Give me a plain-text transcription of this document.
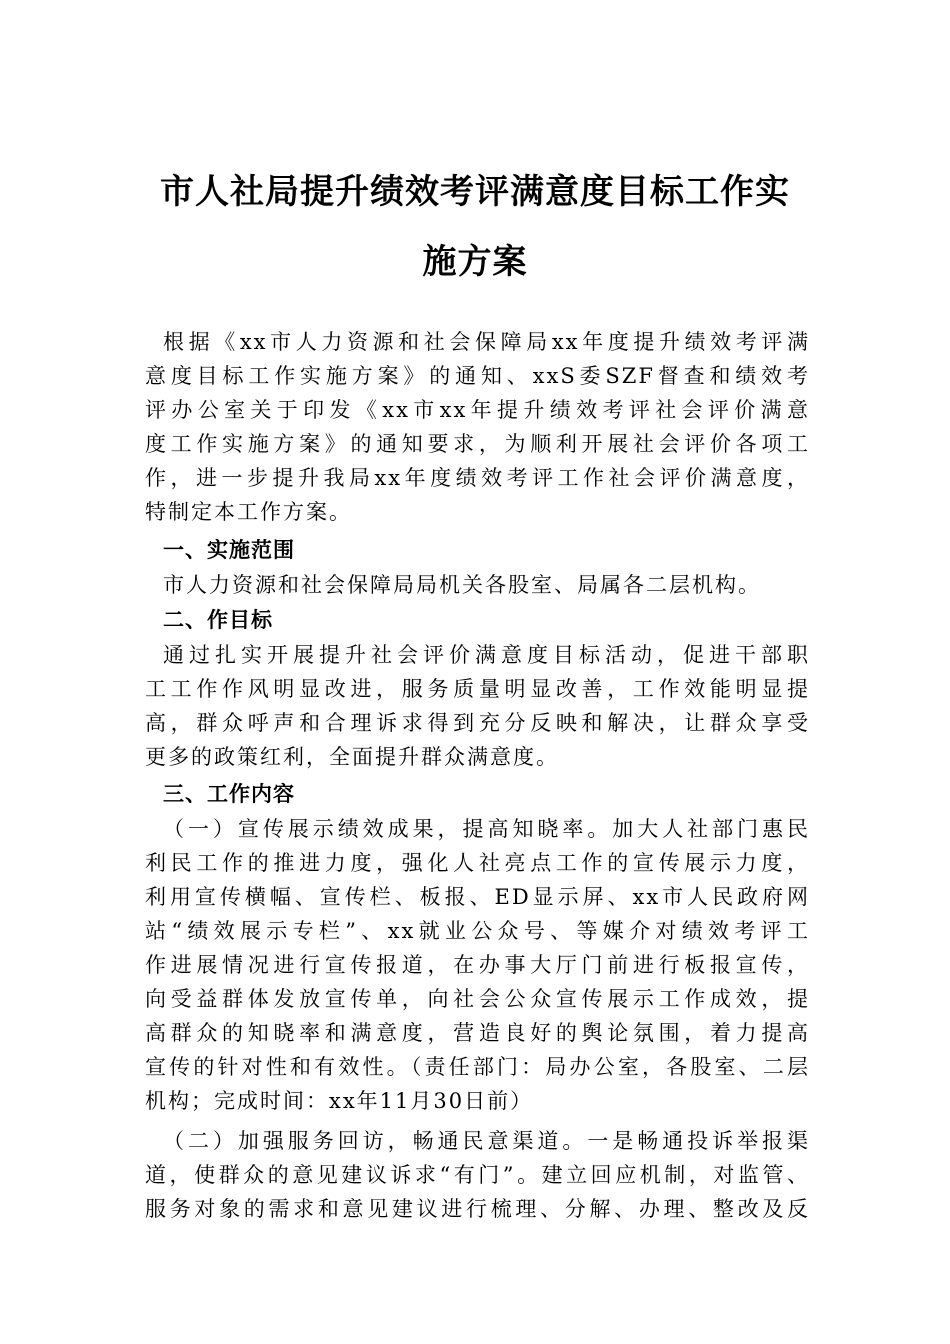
市人社局提升绩效考评满意度目标工作实
施方案
根据《xx市人力资源和社会保障局xx年度提升绩效考评满
意度目标工作实施方案》的通知、xxS委SZF督查和绩效考
评办公室关于印发《xx市xx年提升绩效考评社会评价满意
度工作实施方案》的通知要求，为顺利开展社会评价各项工
作，进一步提升我局xx年度绩效考评工作社会评价满意度，
特制定本工作方案。
一、实施范围
市人力资源和社会保障局局机关各股室、局属各二层机构。
二、作目标
通过扎实开展提升社会评价满意度目标活动，促进干部职
工工作作风明显改进，服务质量明显改善，工作效能明显提
高，群众呼声和合理诉求得到充分反映和解决，让群众享受
更多的政策红利，全面提升群众满意度。
三、工作内容
（一）宣传展示绩效成果，提高知晓率。加大人社部门惠民
利民工作的推进力度，强化人社亮点工作的宣传展示力度，
利用宣传横幅、宣传栏、板报、ED显示屏、xx市人民政府网
站“绩效展示专栏”、xx就业公众号、等媒介对绩效考评工
作进展情况进行宣传报道，在办事大厅门前进行板报宣传，
向受益群体发放宣传单，向社会公众宣传展示工作成效，提
高群众的知晓率和满意度，营造良好的舆论氛围，着力提高
宣传的针对性和有效性。（责任部门：局办公室，各股室、二层
机构；完成时间：xx年11月30日前）
（二）加强服务回访，畅通民意渠道。一是畅通投诉举报渠
道，使群众的意见建议诉求“有门”。建立回应机制，对监管、
服务对象的需求和意见建议进行梳理、分解、办理、整改及反
